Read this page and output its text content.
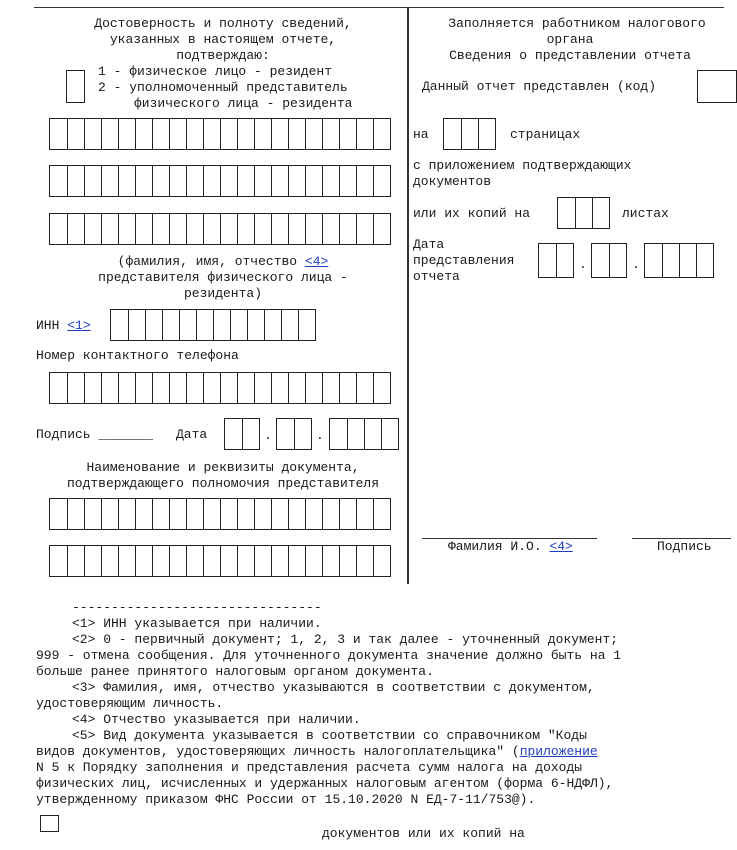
Достоверность и полноту сведений,
указанных в настоящем отчете,
подтверждаю:
1 - физическое лицо - резидент
2 - уполномоченный представитель
физического лица - резидента
(фамилия, имя, отчество <4>
представителя физического лица -
резидента)
ИНН <1>
Номер контактного телефона
Подпись _______ Дата	.	.
Наименование и реквизиты документа,
подтверждающего полномочия представителя
Заполняется работником налогового
органа
Сведения о представлении отчета
Данный отчет представлен (код)
на	страницах
с приложением подтверждающих
документов
или их копий на	листах
Дата
представления
отчета
.	.
Фамилия И.О. <4>	Подпись
--------------------------------

<1> ИНН указывается при наличии.

<2> 0 - первичный документ; 1, 2, 3 и так далее - уточненный документ;

999 - отмена сообщения. Для уточненного документа значение должно быть на 1

больше ранее принятого налоговым органом документа.

<3> Фамилия, имя, отчество указываются в соответствии с документом,

удостоверяющим личность.

<4> Отчество указывается при наличии.

<5> Вид документа указывается в соответствии со справочником "Коды

видов документов, удостоверяющих личность налогоплательщика" (приложение

N 5 к Порядку заполнения и представления расчета сумм налога на доходы

физических лиц, исчисленных и удержанных налоговым агентом (форма 6-НДФЛ),

утвержденному приказом ФНС России от 15.10.2020 N ЕД-7-11/753@).

документов или их копий на
